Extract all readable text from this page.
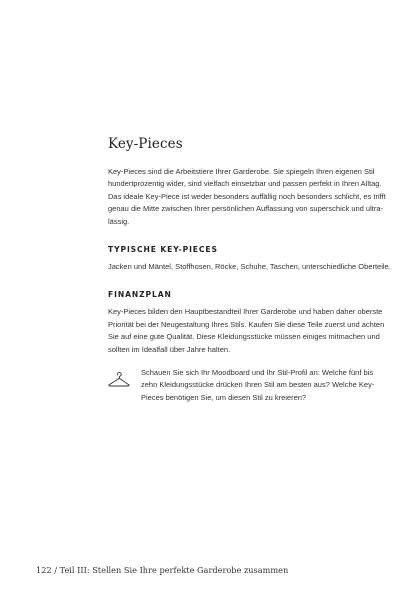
Key-Pieces

Key-Pieces sind die Arbeitstiere Ihrer Garderobe. Sie spiegeln Ihren eigenen Stil
hundertprozentig wider, sind vielfach einsetzbar und passen perfekt in Ihren Alltag.
Das ideale Key-Piece ist weder besonders auffällig noch besonders schlicht, es trifft
genau die Mitte zwischen Ihrer persönlichen Auffassung von superschick und ultra-
lässig.

TYPISCHE KEY-PIECES

Jacken und Mäntel, Stoffhosen, Röcke, Schuhe, Taschen, unterschiedliche Oberteile.

FINANZPLAN

Key-Pieces bilden den Hauptbestandteil Ihrer Garderobe und haben daher oberste
Priorität bei der Neugestaltung Ihres Stils. Kaufen Sie diese Teile zuerst und achten
Sie auf eine gute Qualität. Diese Kleidungsstücke müssen einiges mitmachen und
sollten im Idealfall über Jahre halten.

Schauen Sie sich Ihr Moodboard und Ihr Stil-Profil an: Welche fünf bis
zehn Kleidungsstücke drücken Ihren Stil am besten aus? Welche Key-
Pieces benötigen Sie, um diesen Stil zu kreieren?

122 / Teil III: Stellen Sie Ihre perfekte Garderobe zusammen
